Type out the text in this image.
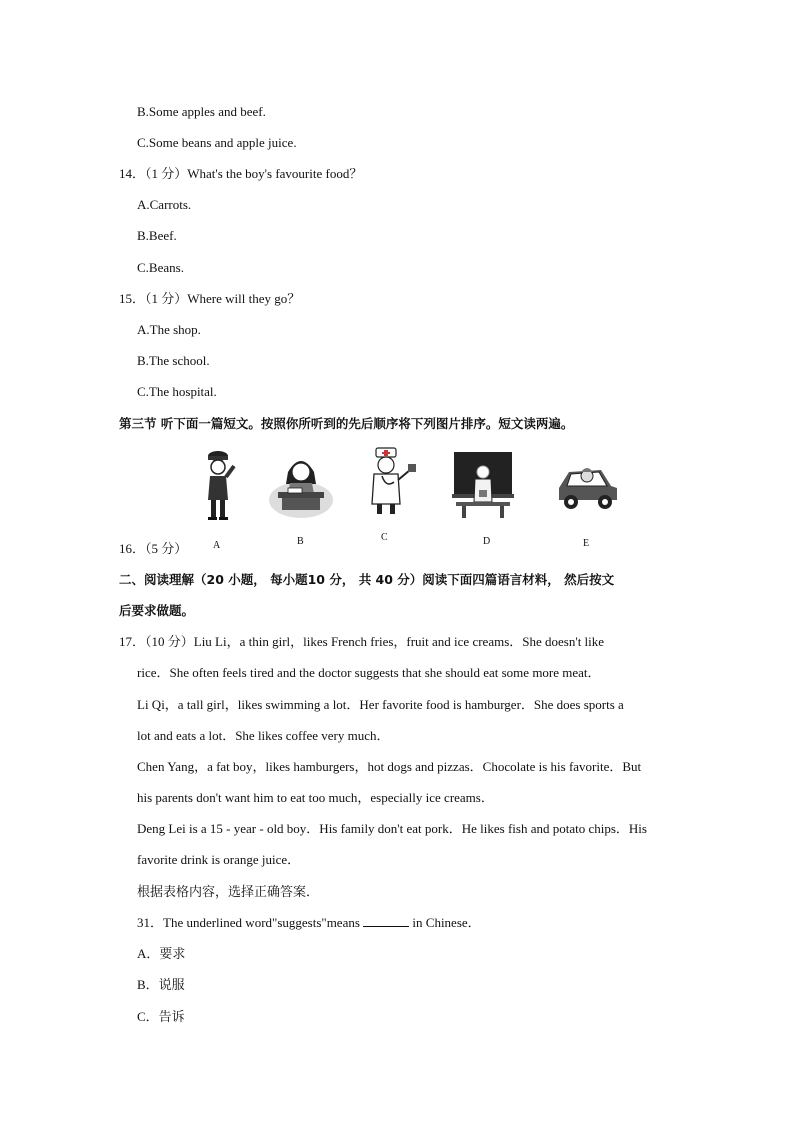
B.Some apples and beef.
C.Some beans and apple juice.
14．（1 分）What's the boy's favourite food？
A.Carrots.
B.Beef.
C.Beans.
15．（1 分）Where will they go？
A.The shop.
B.The school.
C.The hospital.
第三节 听下面一篇短文。按照你所听到的先后顺序将下列图片排序。短文读两遍。
A	B	C	D	E
16．（5 分）
二、阅读理解（20 小题， 每小题10 分， 共 40 分）阅读下面四篇语言材料， 然后按文
后要求做题。
17．（10 分）Liu Li，a thin girl，likes French fries，fruit and ice creams．She doesn't like
rice．She often feels tired and the doctor suggests that she should eat some more meat．
Li Qi，a tall girl，likes swimming a lot．Her favorite food is hamburger．She does sports a
lot and eats a lot．She likes coffee very much．
Chen Yang，a fat boy，likes hamburgers，hot dogs and pizzas．Chocolate is his favorite．But
his parents don't want him to eat too much，especially ice creams．
Deng Lei is a 15 - year - old boy．His family don't eat pork．He likes fish and potato chips．His
favorite drink is orange juice．
根据表格内容，选择正确答案．
31．The underlined word"suggests"means	in Chinese．
A．要求
B．说服
C．告诉
